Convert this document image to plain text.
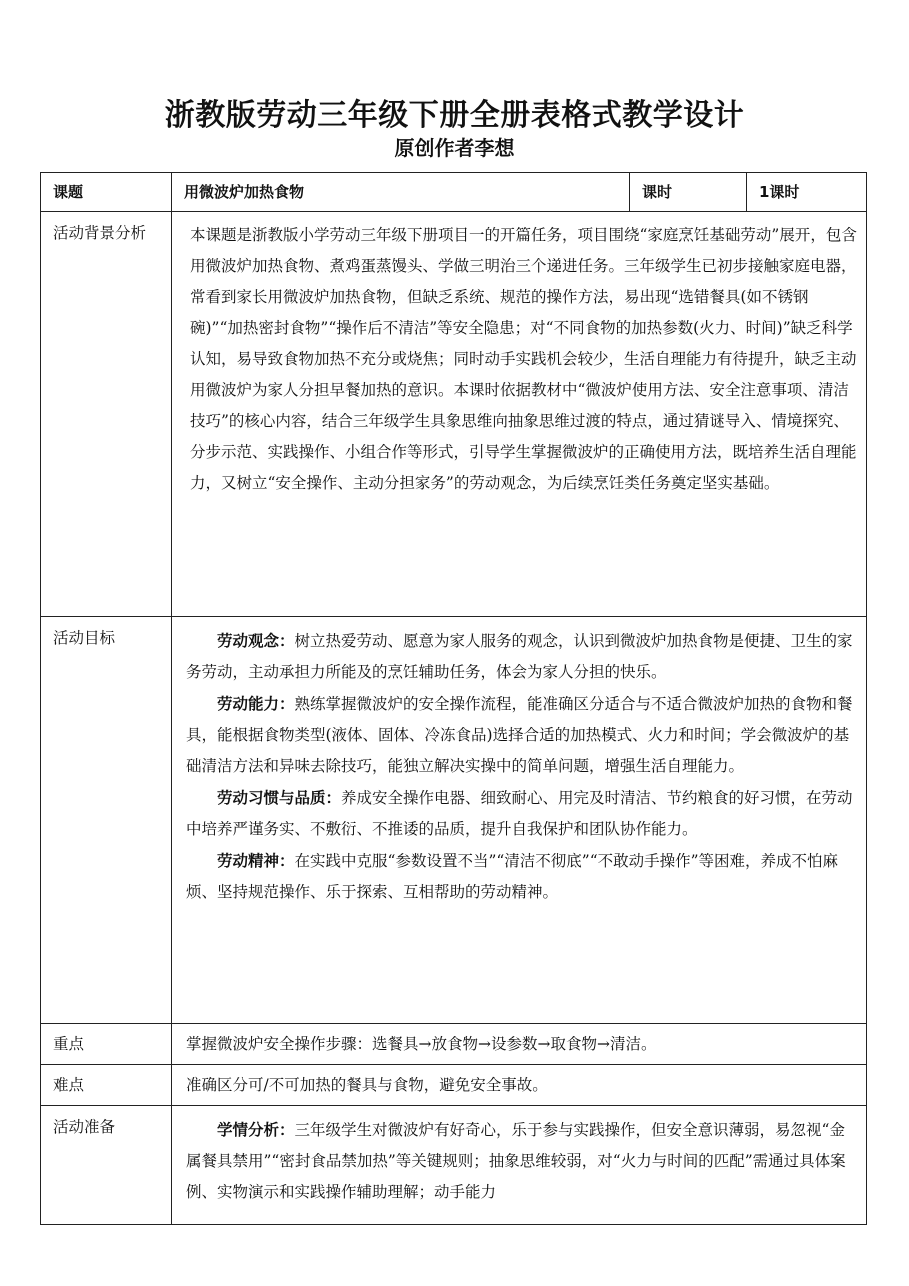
浙教版劳动三年级下册全册表格式教学设计
原创作者李想
课题	用微波炉加热食物	课时	1课时
活动背景分析	本课题是浙教版小学劳动三年级下册项目一的开篇任务，项目围绕“家庭烹饪基础劳动”展开，包含用微波炉加热食物、煮鸡蛋蒸馒头、学做三明治三个递进任务。三年级学生已初步接触家庭电器，常看到家长用微波炉加热食物，但缺乏系统、规范的操作方法，易出现“选错餐具(如不锈钢碗)”“加热密封食物”“操作后不清洁”等安全隐患；对“不同食物的加热参数(火力、时间)”缺乏科学认知，易导致食物加热不充分或烧焦；同时动手实践机会较少，生活自理能力有待提升，缺乏主动用微波炉为家人分担早餐加热的意识。本课时依据教材中“微波炉使用方法、安全注意事项、清洁技巧”的核心内容，结合三年级学生具象思维向抽象思维过渡的特点，通过猜谜导入、情境探究、分步示范、实践操作、小组合作等形式，引导学生掌握微波炉的正确使用方法，既培养生活自理能力，又树立“安全操作、主动分担家务”的劳动观念，为后续烹饪类任务奠定坚实基础。		

活动目标	劳动观念：树立热爱劳动、愿意为家人服务的观念，认识到微波炉加热食物是便捷、卫生的家务劳动，主动承担力所能及的烹饪辅助任务，体会为家人分担的快乐。

劳动能力：熟练掌握微波炉的安全操作流程，能准确区分适合与不适合微波炉加热的食物和餐具，能根据食物类型(液体、固体、冷冻食品)选择合适的加热模式、火力和时间；学会微波炉的基础清洁方法和异味去除技巧，能独立解决实操中的简单问题，增强生活自理能力。

劳动习惯与品质：养成安全操作电器、细致耐心、用完及时清洁、节约粮食的好习惯，在劳动中培养严谨务实、不敷衍、不推诿的品质，提升自我保护和团队协作能力。

劳动精神：在实践中克服“参数设置不当”“清洁不彻底”“不敢动手操作”等困难，养成不怕麻烦、坚持规范操作、乐于探索、互相帮助的劳动精神。		

重点	掌握微波炉安全操作步骤：选餐具→放食物→设参数→取食物→清洁。		
难点	准确区分可/不可加热的餐具与食物，避免安全事故。		
活动准备	学情分析：三年级学生对微波炉有好奇心，乐于参与实践操作，但安全意识薄弱，易忽视“金属餐具禁用”“密封食品禁加热”等关键规则；抽象思维较弱，对“火力与时间的匹配”需通过具体案例、实物演示和实践操作辅助理解；动手能力		
